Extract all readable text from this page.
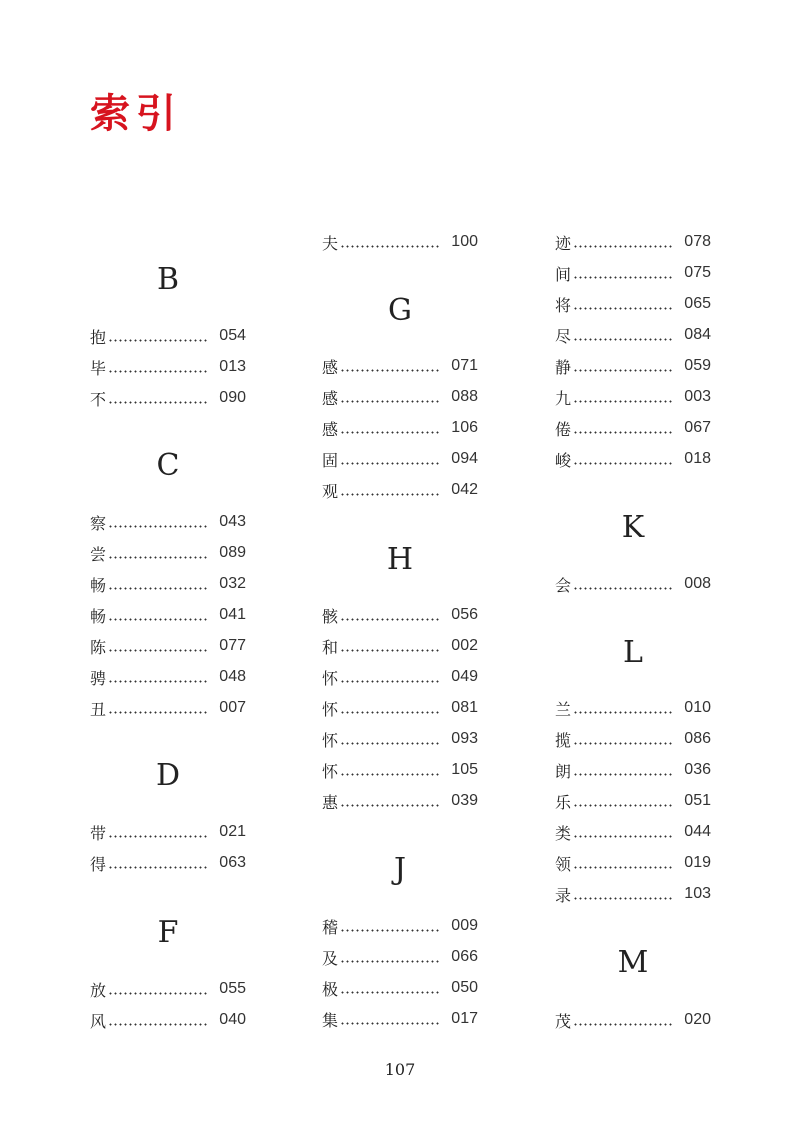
索引
B
抱	054
毕	013
不	090
C
察	043
尝	089
畅	032
畅	041
陈	077
骋	048
丑	007
D
带	021
得	063
F
放	055
风	040
夫	100
G
感	071
感	088
感	106
固	094
观	042
H
骸	056
和	002
怀	049
怀	081
怀	093
怀	105
惠	039
J
稽	009
及	066
极	050
集	017
迹	078
间	075
将	065
尽	084
静	059
九	003
倦	067
峻	018
K
会	008
L
兰	010
揽	086
朗	036
乐	051
类	044
领	019
录	103
M
茂	020
107
